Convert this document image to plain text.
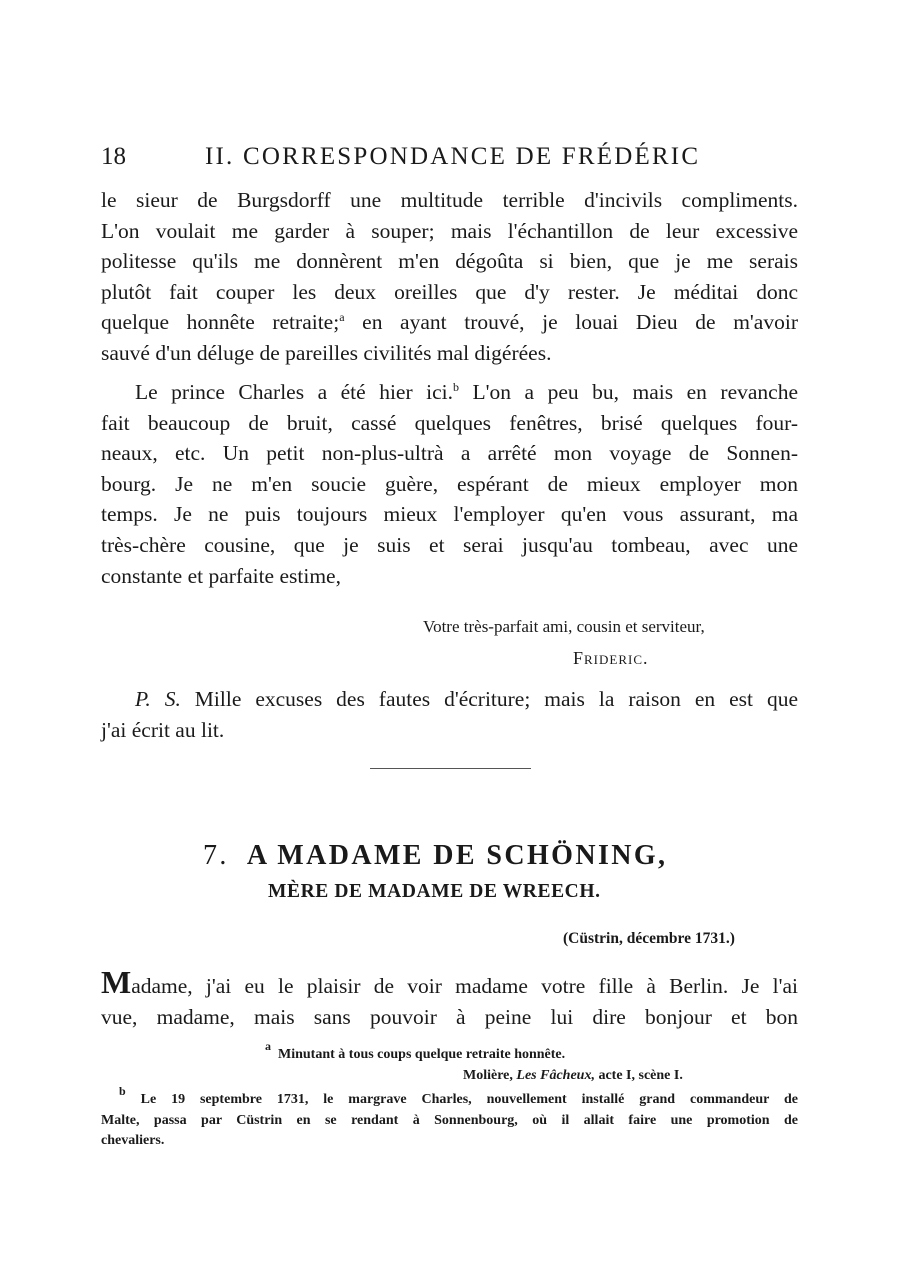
18	II. CORRESPONDANCE DE FRÉDÉRIC
le sieur de Burgsdorff une multitude terrible d'incivils compliments.
L'on voulait me garder à souper; mais l'échantillon de leur excessive
politesse qu'ils me donnèrent m'en dégoûta si bien, que je me serais
plutôt fait couper les deux oreilles que d'y rester. Je méditai donc
quelque honnête retraite;$^a$ en ayant trouvé, je louai Dieu de m'avoir
sauvé d'un déluge de pareilles civilités mal digérées.
Le prince Charles a été hier ici.$^b$ L'on a peu bu, mais en revanche
fait beaucoup de bruit, cassé quelques fenêtres, brisé quelques four-
neaux, etc. Un petit non-plus-ultrà a arrêté mon voyage de Sonnen-
bourg. Je ne m'en soucie guère, espérant de mieux employer mon
temps. Je ne puis toujours mieux l'employer qu'en vous assurant, ma
très-chère cousine, que je suis et serai jusqu'au tombeau, avec une
constante et parfaite estime,
Votre très-parfait ami, cousin et serviteur,
Frideric.
P. S. Mille excuses des fautes d'écriture; mais la raison en est que
j'ai écrit au lit.
7. A MADAME DE SCHÖNING,
MÈRE DE MADAME DE WREECH.
(Cüstrin, décembre 1731.)
Madame, j'ai eu le plaisir de voir madame votre fille à Berlin. Je l'ai
vue, madame, mais sans pouvoir à peine lui dire bonjour et bon
$^a$  Minutant à tous coups quelque retraite honnête.
Molière, Les Fâcheux, acte I, scène I.
$^b$ Le 19 septembre 1731, le margrave Charles, nouvellement installé grand commandeur de
Malte, passa par Cüstrin en se rendant à Sonnenbourg, où il allait faire une promotion de
chevaliers.
